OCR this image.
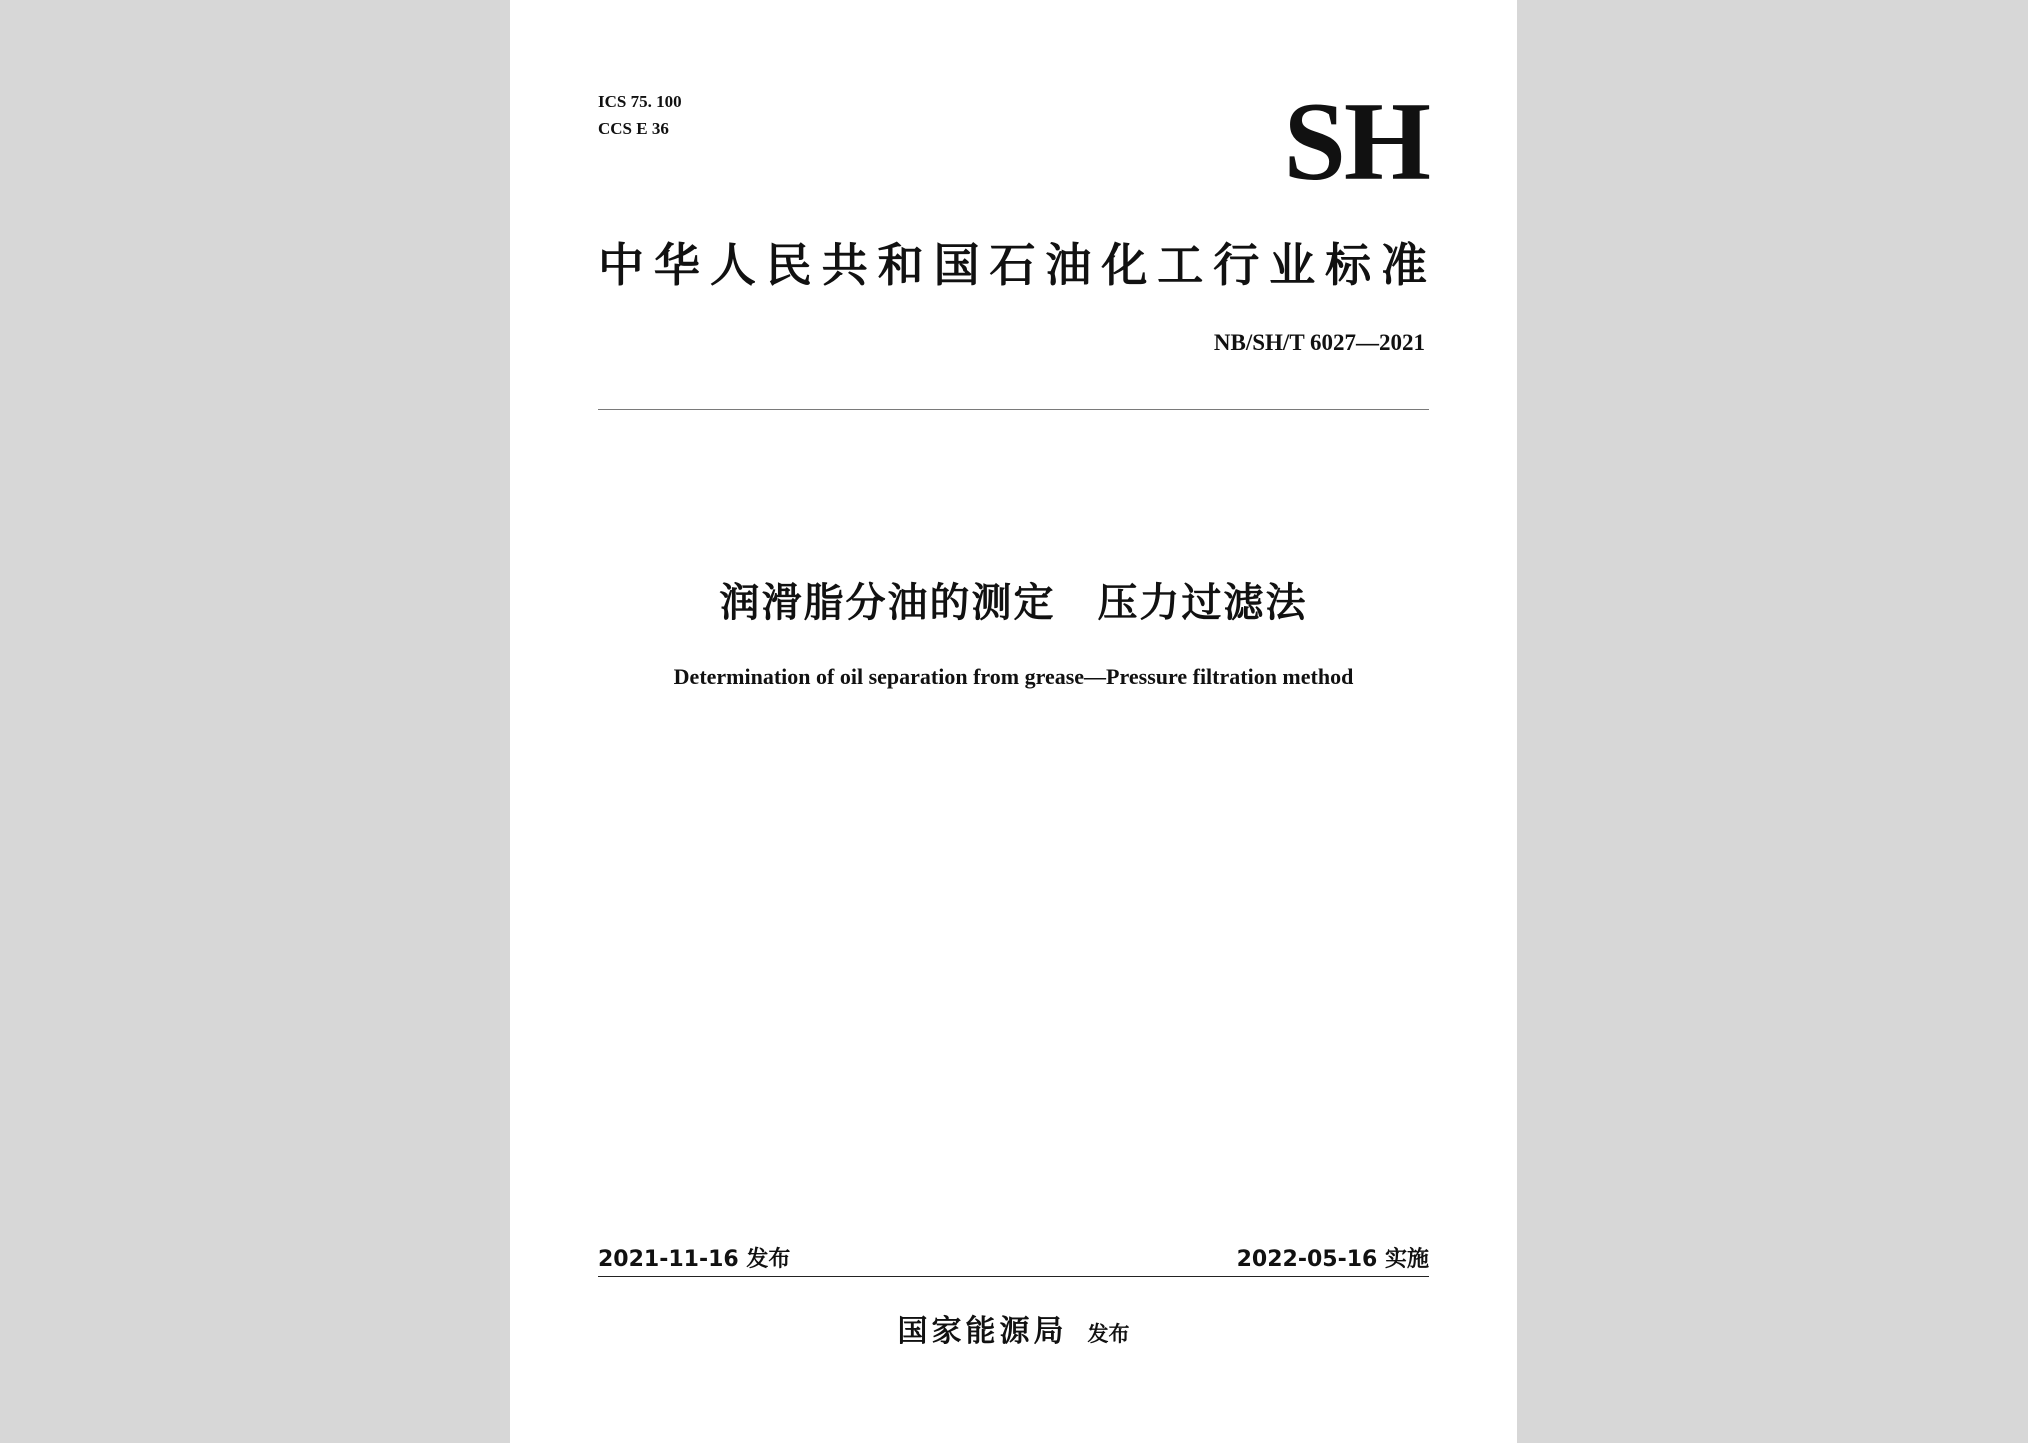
ICS 75. 100
CCS E 36	SH
中华人民共和国石油化工行业标准
NB/SH/T 6027—2021
润滑脂分油的测定　压力过滤法
Determination of oil separation from grease—Pressure filtration method
2021-11-16 发布	2022-05-16 实施
国家能源局 发布
